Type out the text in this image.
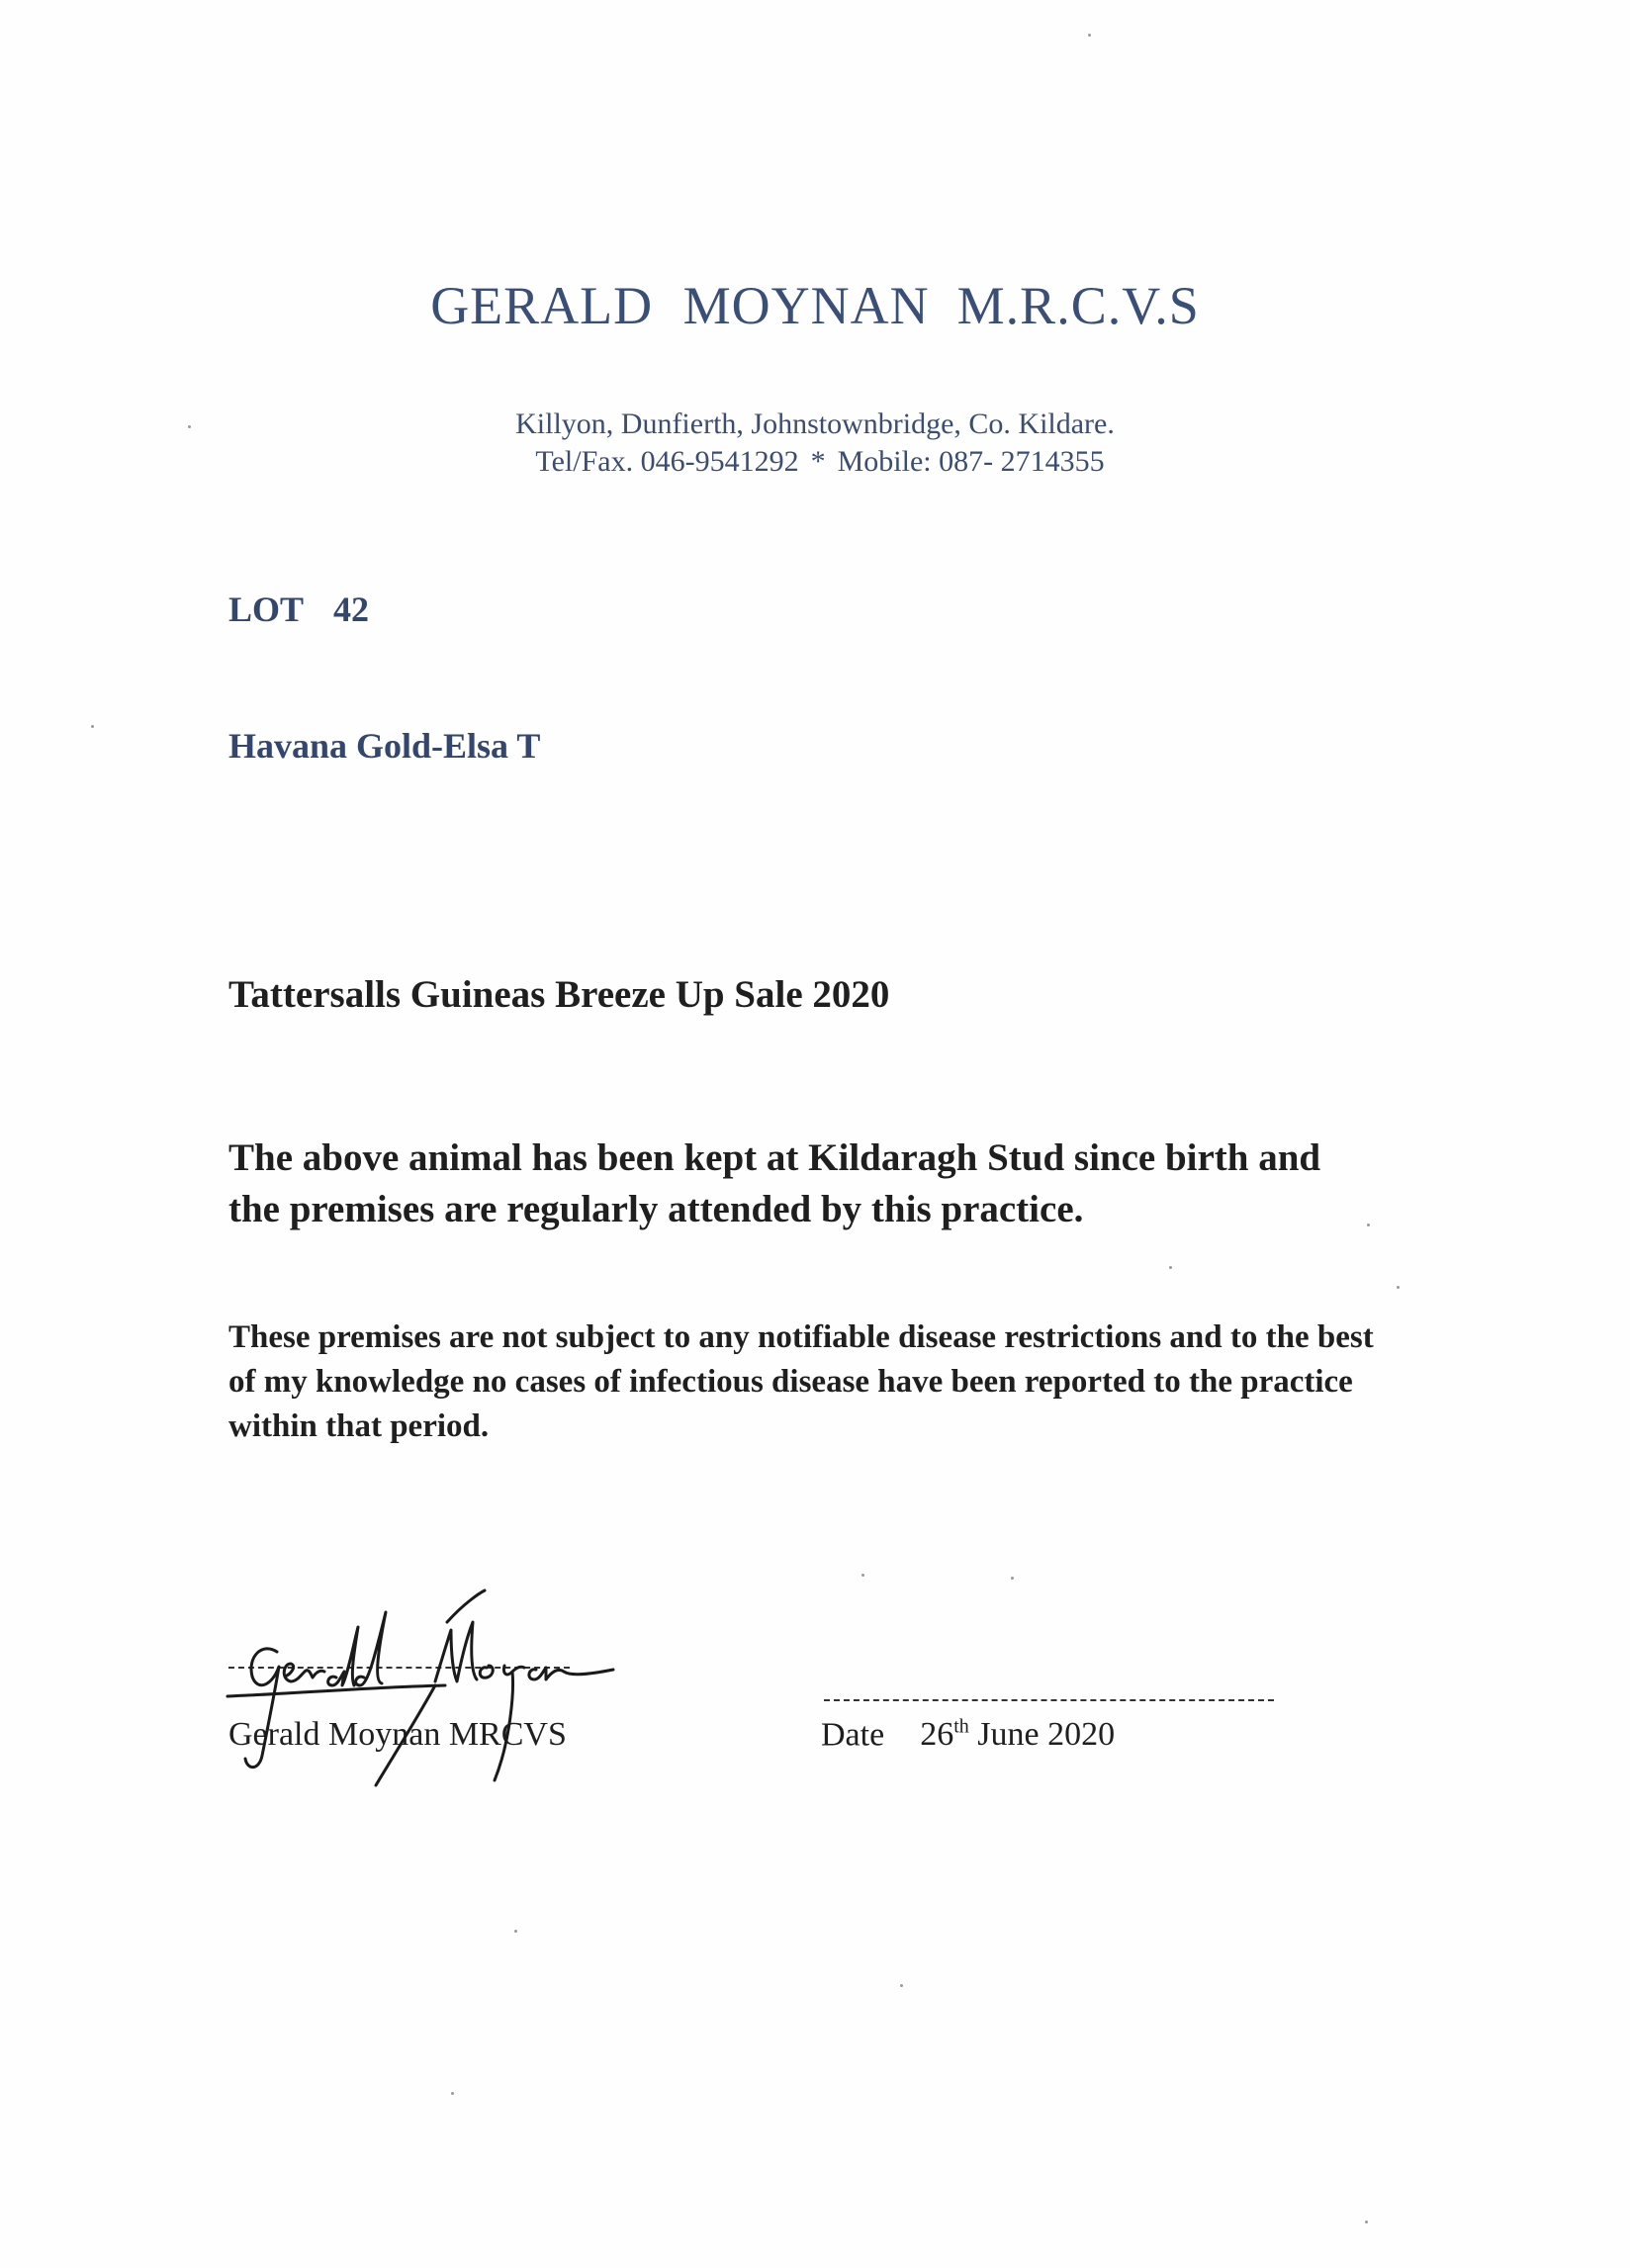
GERALD MOYNAN M.R.C.V.S
Killyon, Dunfierth, Johnstownbridge, Co. Kildare.
Tel/Fax. 046-9541292 * Mobile: 087- 2714355
LOT 42
Havana Gold-Elsa T
Tattersalls Guineas Breeze Up Sale 2020
The above animal has been kept at Kildaragh Stud since birth and the premises are regularly attended by this practice.
These premises are not subject to any notifiable disease restrictions and to the best of my knowledge no cases of infectious disease have been reported to the practice within that period.
Gerald Moynan MRCVS	Date 26th June 2020
